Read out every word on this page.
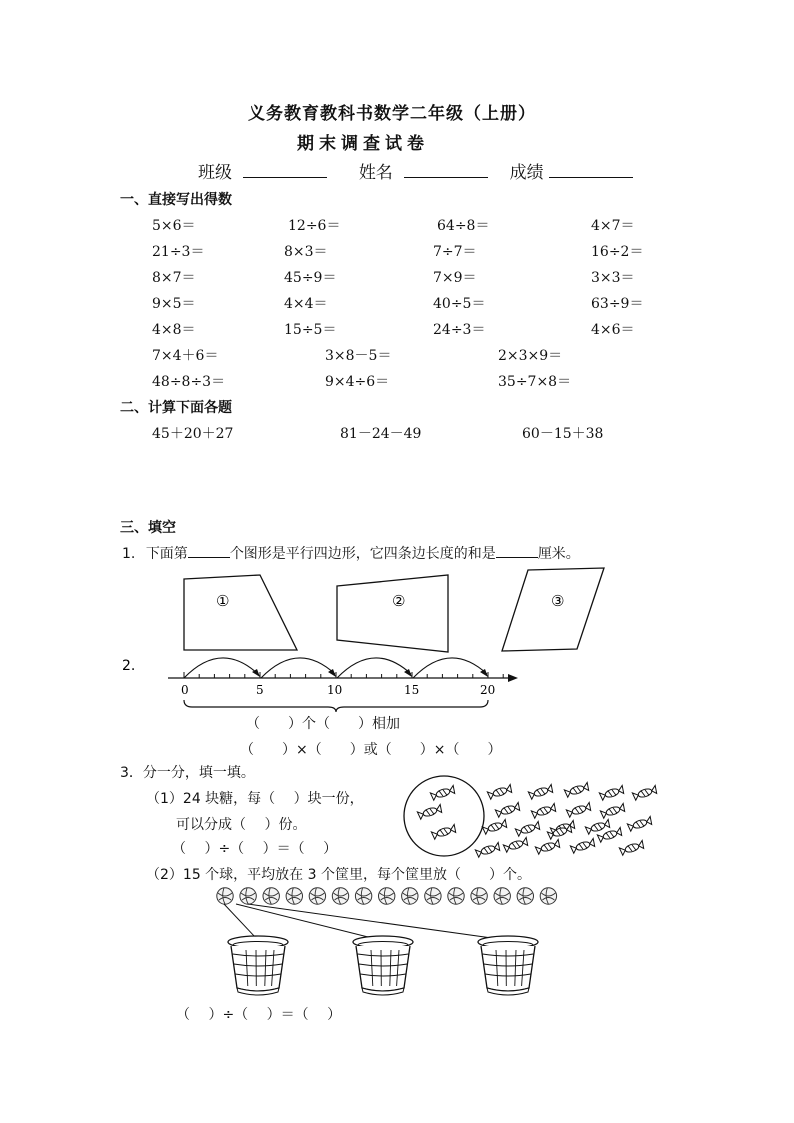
义务教育教科书数学二年级（上册）
期末调查试卷
班级	姓名	成绩
一、直接写出得数
5×6＝	12÷6＝	64÷8＝	4×7＝
21÷3＝	8×3＝	7÷7＝	16÷2＝
8×7＝	45÷9＝	7×9＝	3×3＝
9×5＝	4×4＝	40÷5＝	63÷9＝
4×8＝	15÷5＝	24÷3＝	4×6＝
7×4＋6＝	3×8－5＝	2×3×9＝
48÷8÷3＝	9×4÷6＝	35÷7×8＝
二、计算下面各题
45＋20＋27	81－24－49	60－15＋38
三、填空
1. 下面第	个图形是平行四边形，它四条边长度的和是	厘米。
①	②	③
2.
0	5	10	15	20
（　　）个（　　）相加
（　　）×（　　）或（　　）×（　　）
3．分一分，填一填。
（1）24 块糖，每（　 ）块一份，
可以分成（　 ）份。
（　 ）÷（　 ）＝（　 ）
（2）15 个球，平均放在 3 个筐里，每个筐里放（　　）个。
（　 ）÷（　 ）＝（　 ）
